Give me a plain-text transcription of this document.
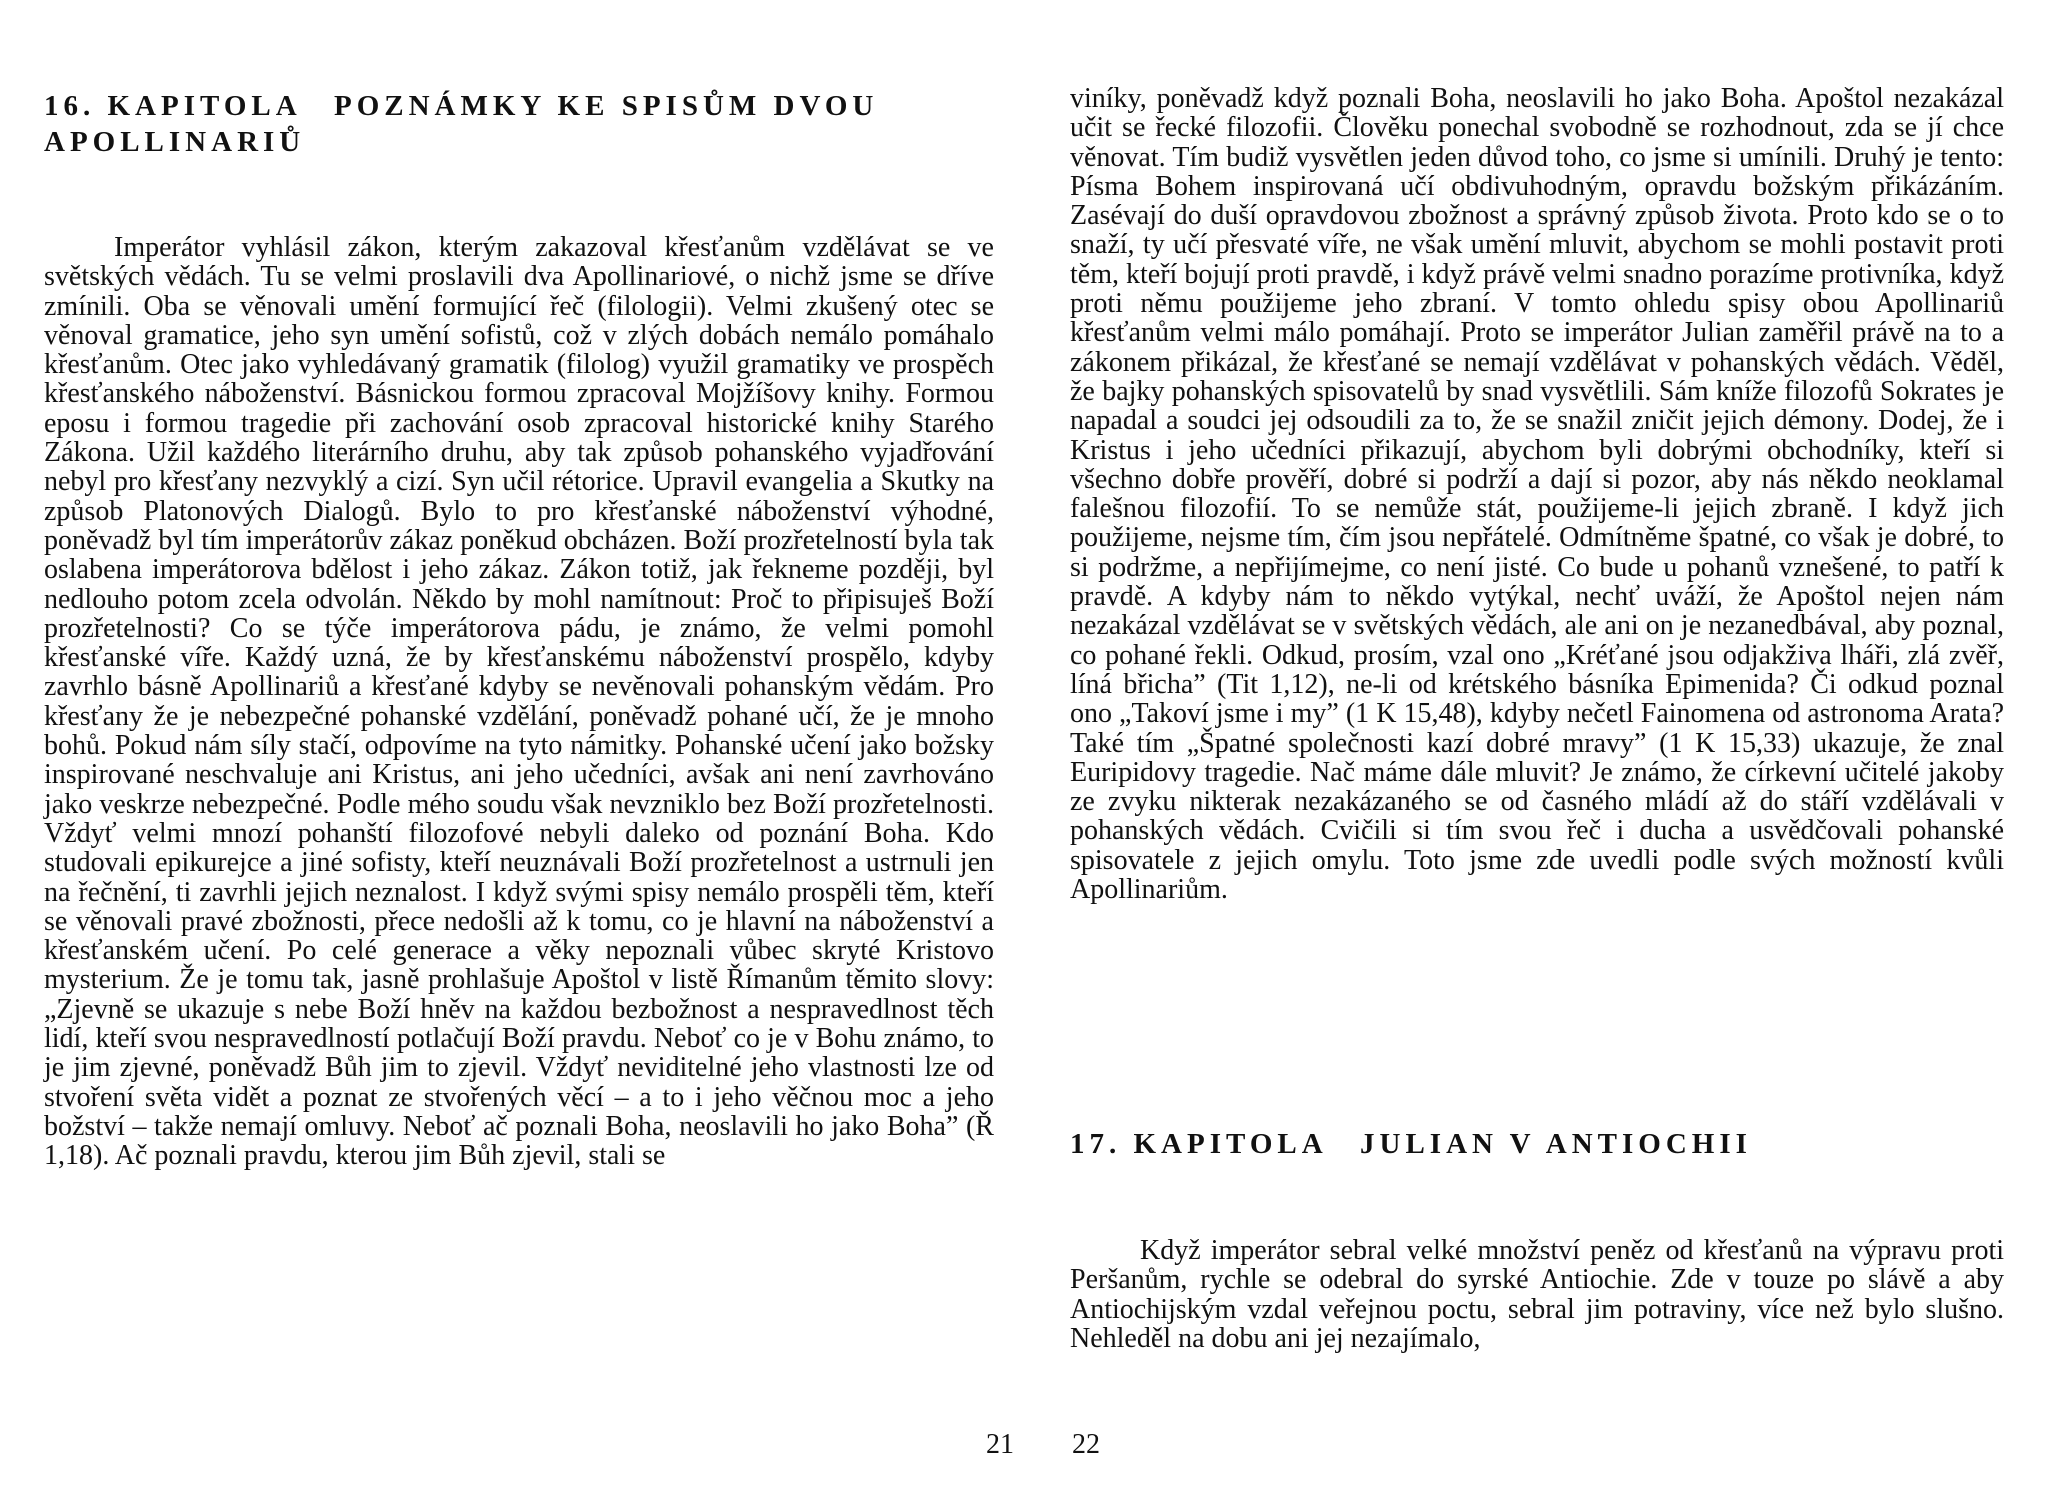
16. KAPITOLA POZNÁMKY KE SPISŮM DVOU APOLLINARIŮ

Imperátor vyhlásil zákon, kterým zakazoval křesťanům vzdělávat se ve světských vědách. Tu se velmi proslavili dva Apollinariové, o nichž jsme se dříve zmínili. Oba se věnovali umění formující řeč (filologii). Velmi zkušený otec se věnoval gramatice, jeho syn umění sofistů, což v zlých dobách nemálo pomáhalo křesťanům. Otec jako vyhledávaný gramatik (filolog) využil gramatiky ve prospěch křesťanského náboženství. Básnickou formou zpracoval Mojžíšovy knihy. Formou eposu i formou tragedie při zachování osob zpracoval historické knihy Starého Zákona. Užil každého literárního druhu, aby tak způsob pohanského vyjadřování nebyl pro křesťany nezvyklý a cizí. Syn učil rétorice. Upravil evangelia a Skutky na způsob Platonových Dialogů. Bylo to pro křesťanské náboženství výhodné, poněvadž byl tím imperátorův zákaz poněkud obcházen. Boží prozřetelností byla tak oslabena imperátorova bdělost i jeho zákaz. Zákon totiž, jak řekneme později, byl nedlouho potom zcela odvolán. Někdo by mohl namítnout: Proč to připisuješ Boží prozřetelnosti? Co se týče imperátorova pádu, je známo, že velmi pomohl křesťanské víře. Každý uzná, že by křesťanskému náboženství prospělo, kdyby zavrhlo básně Apollinariů a křesťané kdyby se nevěnovali pohanským vědám. Pro křesťany že je nebezpečné pohanské vzdělání, poněvadž pohané učí, že je mnoho bohů. Pokud nám síly stačí, odpovíme na tyto námitky. Pohanské učení jako božsky inspirované neschvaluje ani Kristus, ani jeho učedníci, avšak ani není zavrhováno jako veskrze nebezpečné. Podle mého soudu však nevzniklo bez Boží prozřetelnosti. Vždyť velmi mnozí pohanští filozofové nebyli daleko od poznání Boha. Kdo studovali epikurejce a jiné sofisty, kteří neuznávali Boží prozřetelnost a ustrnuli jen na řečnění, ti zavrhli jejich neznalost. I když svými spisy nemálo prospěli těm, kteří se věnovali pravé zbožnosti, přece nedošli až k tomu, co je hlavní na náboženství a křesťanském učení. Po celé generace a věky nepoznali vůbec skryté Kristovo mysterium. Že je tomu tak, jasně prohlašuje Apoštol v listě Římanům těmito slovy: „Zjevně se ukazuje s nebe Boží hněv na každou bezbožnost a nespravedlnost těch lidí, kteří svou nespravedlností potlačují Boží pravdu. Neboť co je v Bohu známo, to je jim zjevné, poněvadž Bůh jim to zjevil. Vždyť neviditelné jeho vlastnosti lze od stvoření světa vidět a poznat ze stvořených věcí – a to i jeho věčnou moc a jeho božství – takže nemají omluvy. Neboť ač poznali Boha, neoslavili ho jako Boha” (Ř 1,18). Ač poznali pravdu, kterou jim Bůh zjevil, stali se

21

viníky, poněvadž když poznali Boha, neoslavili ho jako Boha. Apoštol nezakázal učit se řecké filozofii. Člověku ponechal svobodně se rozhodnout, zda se jí chce věnovat. Tím budiž vysvětlen jeden důvod toho, co jsme si umínili. Druhý je tento: Písma Bohem inspirovaná učí obdivuhodným, opravdu božským přikázáním. Zasévají do duší opravdovou zbožnost a správný způsob života. Proto kdo se o to snaží, ty učí přesvaté víře, ne však umění mluvit, abychom se mohli postavit proti těm, kteří bojují proti pravdě, i když právě velmi snadno porazíme protivníka, když proti němu použijeme jeho zbraní. V tomto ohledu spisy obou Apollinariů křesťanům velmi málo pomáhají. Proto se imperátor Julian zaměřil právě na to a zákonem přikázal, že křesťané se nemají vzdělávat v pohanských vědách. Věděl, že bajky pohanských spisovatelů by snad vysvětlili. Sám kníže filozofů Sokrates je napadal a soudci jej odsoudili za to, že se snažil zničit jejich démony. Dodej, že i Kristus i jeho učedníci přikazují, abychom byli dobrými obchodníky, kteří si všechno dobře prověří, dobré si podrží a dají si pozor, aby nás někdo neoklamal falešnou filozofií. To se nemůže stát, použijeme-li jejich zbraně. I když jich použijeme, nejsme tím, čím jsou nepřátelé. Odmítněme špatné, co však je dobré, to si podržme, a nepřijímejme, co není jisté. Co bude u pohanů vznešené, to patří k pravdě. A kdyby nám to někdo vytýkal, nechť uváží, že Apoštol nejen nám nezakázal vzdělávat se v světských vědách, ale ani on je nezanedbával, aby poznal, co pohané řekli. Odkud, prosím, vzal ono „Kréťané jsou odjakživa lháři, zlá zvěř, líná břicha” (Tit 1,12), ne-li od krétského básníka Epimenida? Či odkud poznal ono „Takoví jsme i my” (1 K 15,48), kdyby nečetl Fainomena od astronoma Arata? Také tím „Špatné společnosti kazí dobré mravy” (1 K 15,33) ukazuje, že znal Euripidovy tragedie. Nač máme dále mluvit? Je známo, že církevní učitelé jakoby ze zvyku nikterak nezakázaného se od časného mládí až do stáří vzdělávali v pohanských vědách. Cvičili si tím svou řeč i ducha a usvědčovali pohanské spisovatele z jejich omylu. Toto jsme zde uvedli podle svých možností kvůli Apollinariům.

17. KAPITOLA JULIAN V ANTIOCHII

Když imperátor sebral velké množství peněz od křesťanů na výpravu proti Peršanům, rychle se odebral do syrské Antiochie. Zde v touze po slávě a aby Antiochijským vzdal veřejnou poctu, sebral jim potraviny, více než bylo slušno. Nehleděl na dobu ani jej nezajímalo,

22
